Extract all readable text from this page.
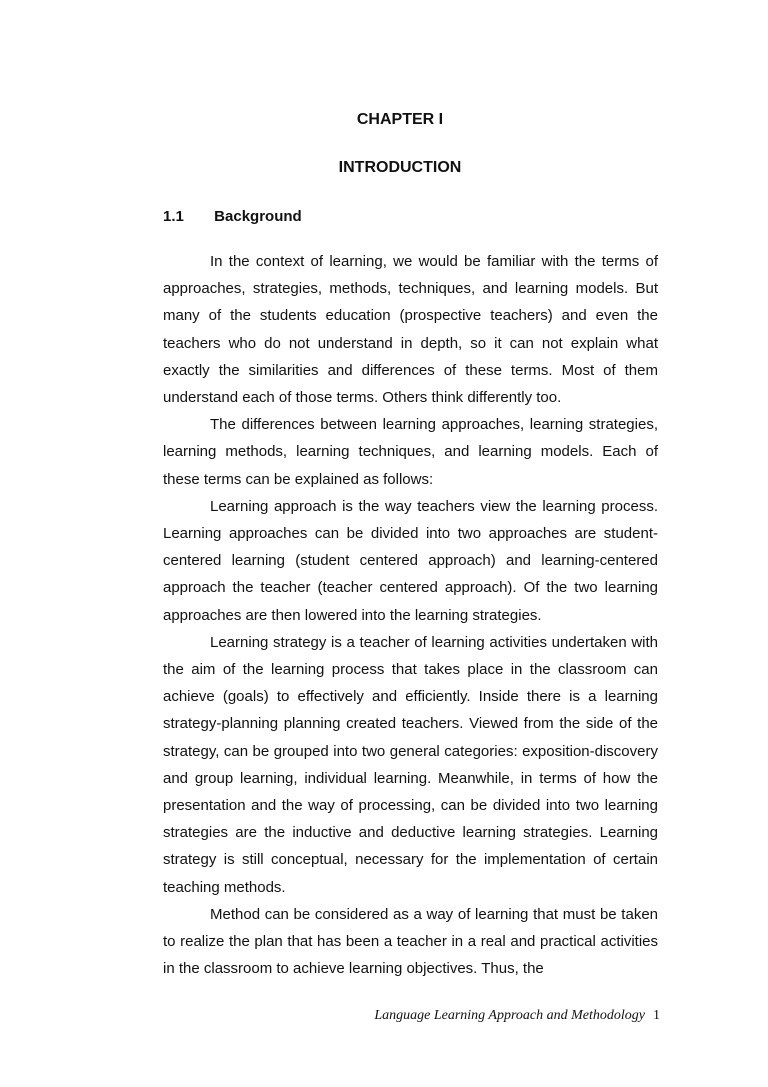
CHAPTER I
INTRODUCTION
1.1 Background

In the context of learning, we would be familiar with the terms of approaches, strategies, methods, techniques, and learning models. But many of the students education (prospective teachers) and even the teachers who do not understand in depth, so it can not explain what exactly the similarities and differences of these terms. Most of them understand each of those terms. Others think differently too.

The differences between learning approaches, learning strategies, learning methods, learning techniques, and learning models. Each of these terms can be explained as follows:

Learning approach is the way teachers view the learning process. Learning approaches can be divided into two approaches are student-centered learning (student centered approach) and learning-centered approach the teacher (teacher centered approach). Of the two learning approaches are then lowered into the learning strategies.

Learning strategy is a teacher of learning activities undertaken with the aim of the learning process that takes place in the classroom can achieve (goals) to effectively and efficiently. Inside there is a learning strategy-planning planning created teachers. Viewed from the side of the strategy, can be grouped into two general categories: exposition-discovery and group learning, individual learning. Meanwhile, in terms of how the presentation and the way of processing, can be divided into two learning strategies are the inductive and deductive learning strategies. Learning strategy is still conceptual, necessary for the implementation of certain teaching methods.

Method can be considered as a way of learning that must be taken to realize the plan that has been a teacher in a real and practical activities in the classroom to achieve learning objectives. Thus, the

Language Learning Approach and Methodology 1
